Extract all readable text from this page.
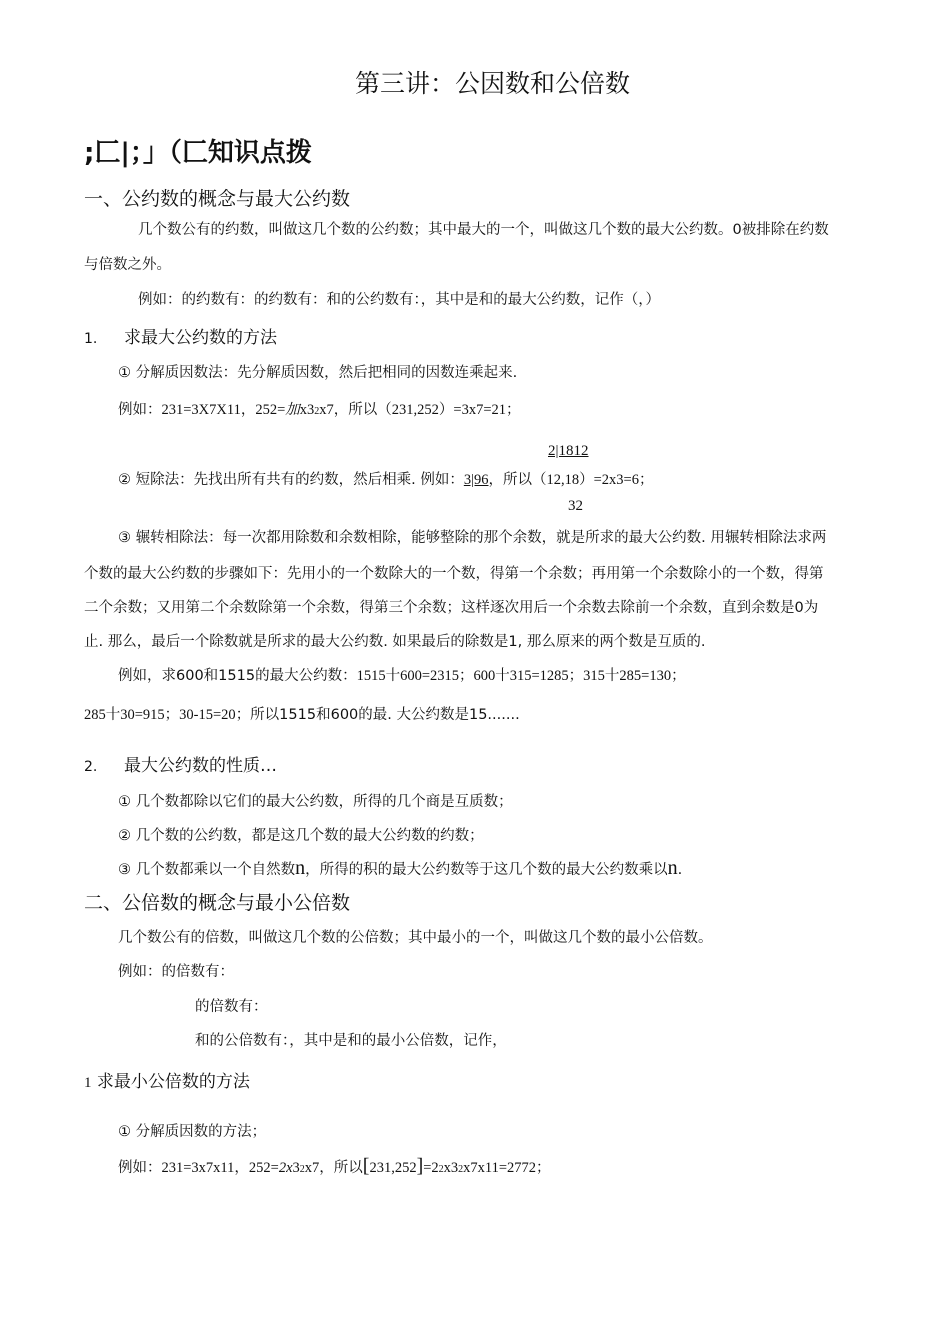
第三讲：公因数和公倍数
;匚|；」（匚知识点拨
一、公约数的概念与最大公约数
几个数公有的约数，叫做这几个数的公约数；其中最大的一个，叫做这几个数的最大公约数。0被排除在约数
与倍数之外。
例如：的约数有：的约数有：和的公约数有：，其中是和的最大公约数，记作（，）
1. 求最大公约数的方法
① 分解质因数法：先分解质因数，然后把相同的因数连乘起来.
例如：231=3X7X11，252=加x32x7，所以（231,252）=3x7=21；
2|1812
② 短除法：先找出所有共有的约数，然后相乘. 例如：3|96，所以（12,18）=2x3=6；
32
③ 辗转相除法：每一次都用除数和余数相除，能够整除的那个余数，就是所求的最大公约数. 用辗转相除法求两
个数的最大公约数的步骤如下：先用小的一个数除大的一个数，得第一个余数；再用第一个余数除小的一个数，得第
二个余数；又用第二个余数除第一个余数，得第三个余数；这样逐次用后一个余数去除前一个余数，直到余数是0为
止. 那么，最后一个除数就是所求的最大公约数. 如果最后的除数是1, 那么原来的两个数是互质的.
例如，求600和1515的最大公约数：1515十600=2315；600十315=1285；315十285=130；
285十30=915；30-15=20；所以1515和600的最. 大公约数是15.......
2. 最大公约数的性质…
① 几个数都除以它们的最大公约数，所得的几个商是互质数；
② 几个数的公约数，都是这几个数的最大公约数的约数；
③ 几个数都乘以一个自然数n，所得的积的最大公约数等于这几个数的最大公约数乘以n.
二、公倍数的概念与最小公倍数
几个数公有的倍数，叫做这几个数的公倍数；其中最小的一个，叫做这几个数的最小公倍数。
例如：的倍数有：
的倍数有：
和的公倍数有：，其中是和的最小公倍数，记作，
1 求最小公倍数的方法
① 分解质因数的方法；
例如：231=3x7x11，252=2x32x7，所以[231,252]=22x32x7x11=2772；
